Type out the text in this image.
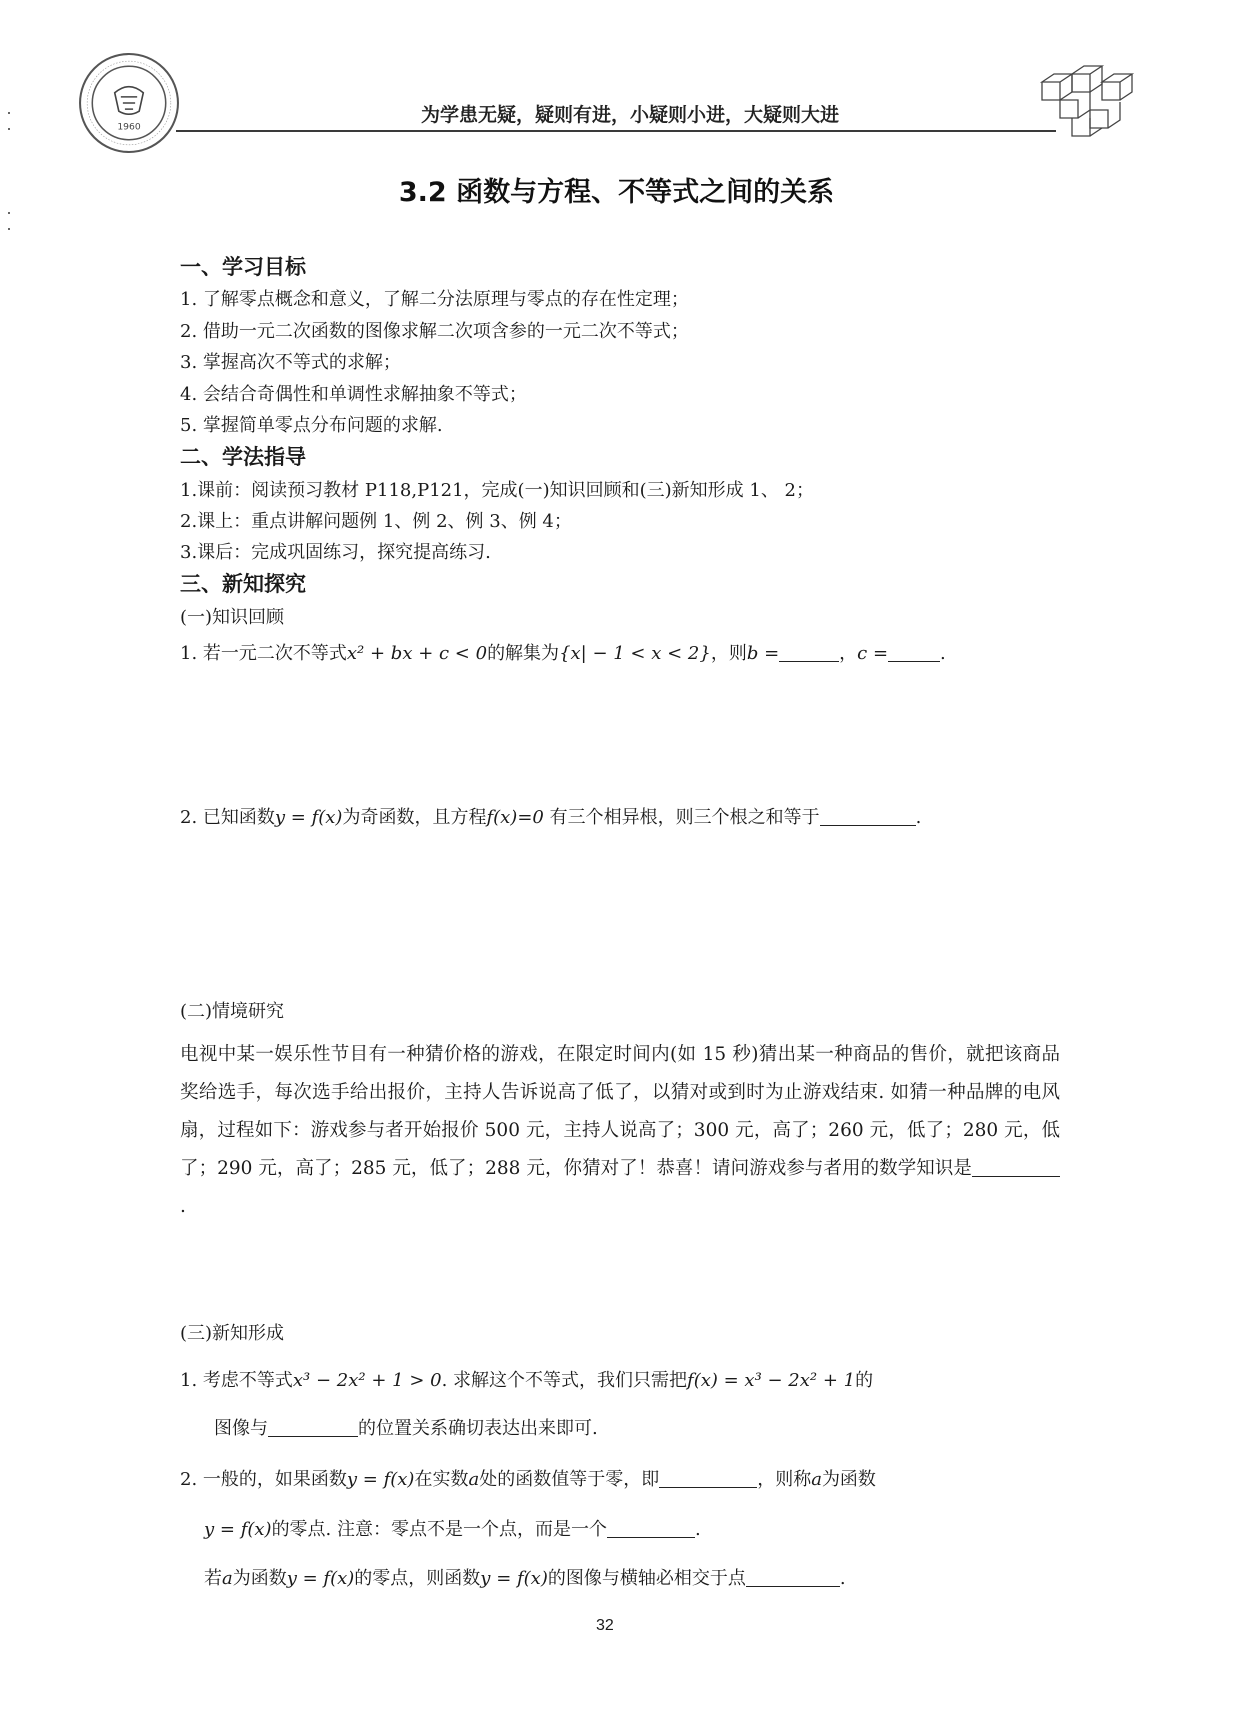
1960
为学患无疑，疑则有进，小疑则小进，大疑则大进
3.2 函数与方程、不等式之间的关系
一、学习目标
1. 了解零点概念和意义，了解二分法原理与零点的存在性定理；
2. 借助一元二次函数的图像求解二次项含参的一元二次不等式；
3. 掌握高次不等式的求解；
4. 会结合奇偶性和单调性求解抽象不等式；
5. 掌握简单零点分布问题的求解.
二、学法指导
1.课前：阅读预习教材 P118,P121，完成(一)知识回顾和(三)新知形成 1、 2；
2.课上：重点讲解问题例 1、例 2、例 3、例 4；
3.课后：完成巩固练习，探究提高练习.
三、新知探究
(一)知识回顾
1. 若一元二次不等式x² + bx + c < 0的解集为{x| − 1 < x < 2}，则b =	，c =	.
2. 已知函数y = f(x)为奇函数，且方程f(x)=0 有三个相异根，则三个根之和等于	.
(二)情境研究
电视中某一娱乐性节目有一种猜价格的游戏，在限定时间内(如 15 秒)猜出某一种商品的售价，就把该商品奖给选手，每次选手给出报价，主持人告诉说高了低了，以猜对或到时为止游戏结束. 如猜一种品牌的电风扇，过程如下：游戏参与者开始报价 500 元，主持人说高了；300 元，高了；260 元，低了；280 元，低了；290 元，高了；285 元，低了；288 元，你猜对了！恭喜！请问游戏参与者用的数学知识是.
(三)新知形成
1. 考虑不等式x³ − 2x² + 1 > 0. 求解这个不等式，我们只需把f(x) = x³ − 2x² + 1的
图像与	的位置关系确切表达出来即可.
2. 一般的，如果函数y = f(x)在实数a处的函数值等于零，即	，则称a为函数
y = f(x)的零点. 注意：零点不是一个点，而是一个	.
若a为函数y = f(x)的零点，则函数y = f(x)的图像与横轴必相交于点	.
32
